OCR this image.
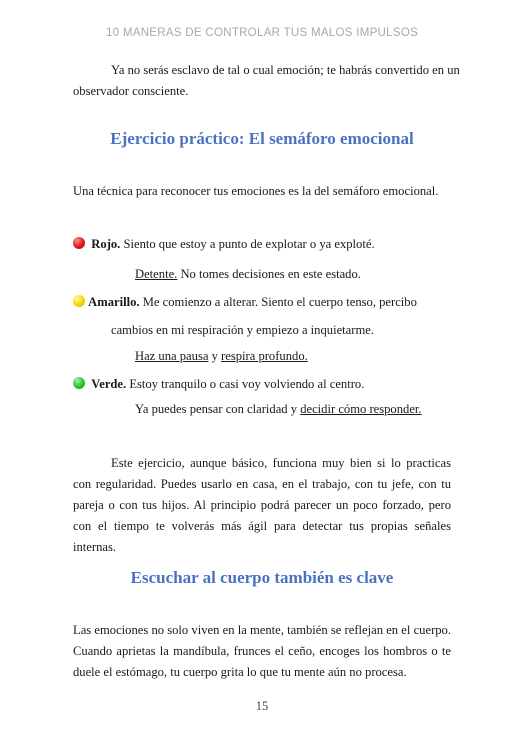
10 MANERAS DE CONTROLAR TUS MALOS IMPULSOS
Ya no serás esclavo de tal o cual emoción; te habrás convertido en un
observador consciente.
Ejercicio práctico: El semáforo emocional
Una técnica para reconocer tus emociones es la del semáforo emocional.
Rojo. Siento que estoy a punto de explotar o ya exploté.
Detente. No tomes decisiones en este estado.
Amarillo. Me comienzo a alterar. Siento el cuerpo tenso, percibo
cambios en mi respiración y empiezo a inquietarme.
Haz una pausa y respira profundo.
Verde. Estoy tranquilo o casi voy volviendo al centro.
Ya puedes pensar con claridad y decidir cómo responder.
Este ejercicio, aunque básico, funciona muy bien si lo practicas con regularidad. Puedes usarlo en casa, en el trabajo, con tu jefe, con tu pareja o con tus hijos. Al principio podrá parecer un poco forzado, pero con el tiempo te volverás más ágil para detectar tus propias señales internas.
Escuchar al cuerpo también es clave
Las emociones no solo viven en la mente, también se reflejan en el cuerpo. Cuando aprietas la mandíbula, frunces el ceño, encoges los hombros o te duele el estómago, tu cuerpo grita lo que tu mente aún no procesa.
15
